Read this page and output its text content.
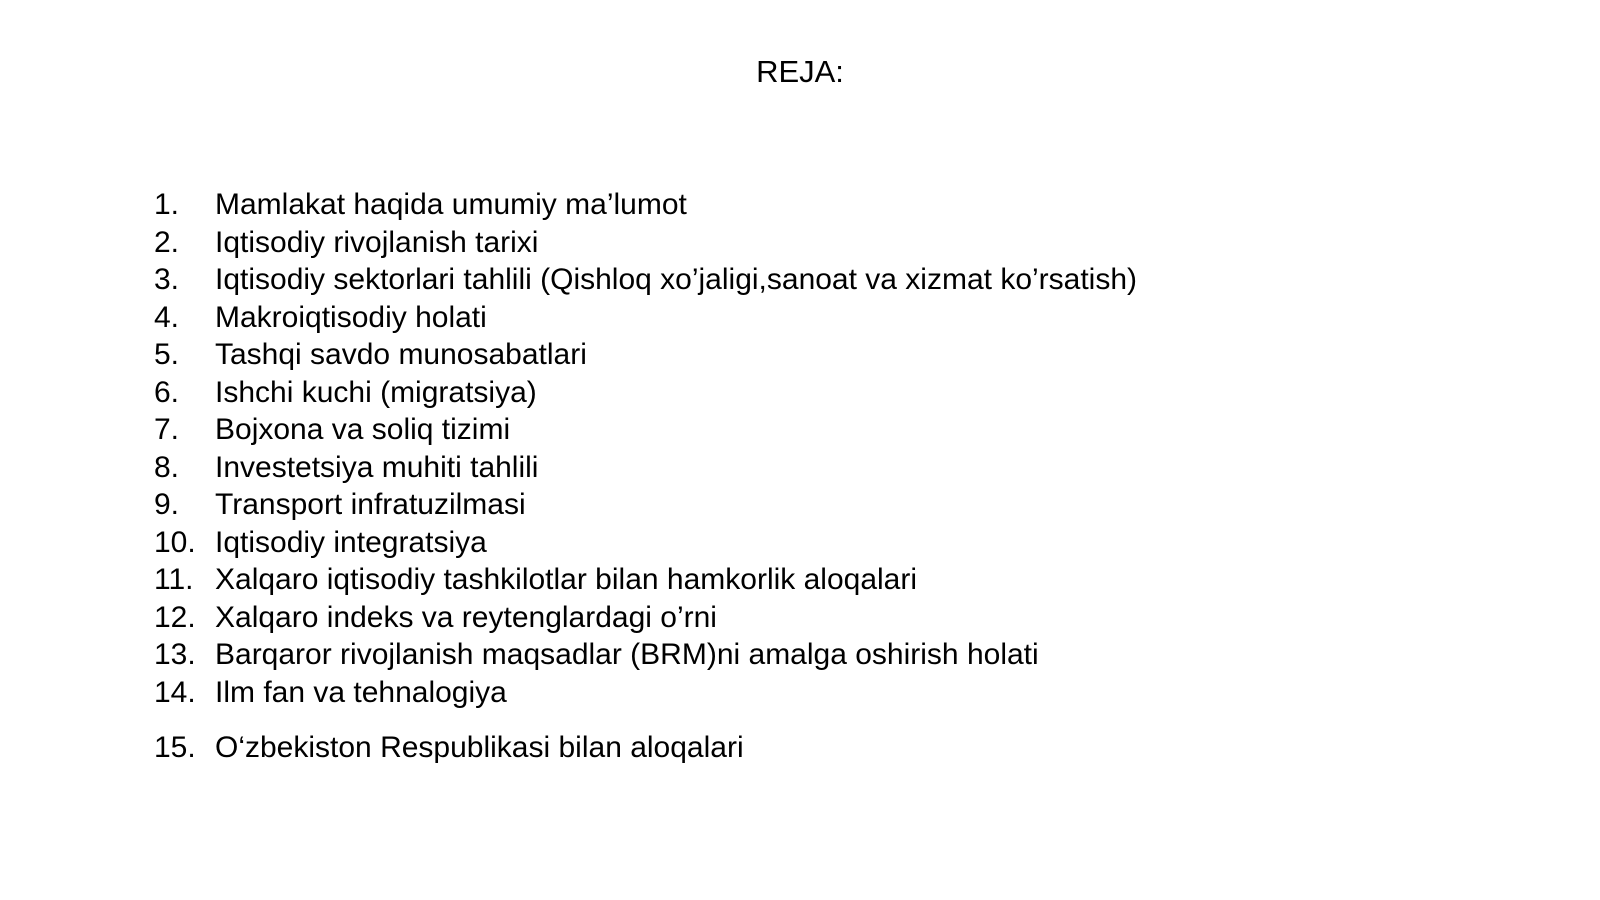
REJA:
1.	Mamlakat haqida umumiy ma’lumot
2.	Iqtisodiy rivojlanish tarixi
3.	Iqtisodiy sektorlari tahlili (Qishloq xo’jaligi,sanoat va xizmat ko’rsatish)
4.	Makroiqtisodiy holati
5.	Tashqi savdo munosabatlari
6.	Ishchi kuchi (migratsiya)
7.	Bojxona va soliq tizimi
8.	Investetsiya muhiti tahlili
9.	Transport infratuzilmasi
10. Iqtisodiy integratsiya
11. Xalqaro iqtisodiy tashkilotlar bilan hamkorlik aloqalari
12. Xalqaro indeks va reytenglardagi o’rni
13. Barqaror rivojlanish maqsadlar (BRM)ni amalga oshirish holati
14. Ilm fan va tehnalogiya
15. O‘zbekiston Respublikasi bilan aloqalari
